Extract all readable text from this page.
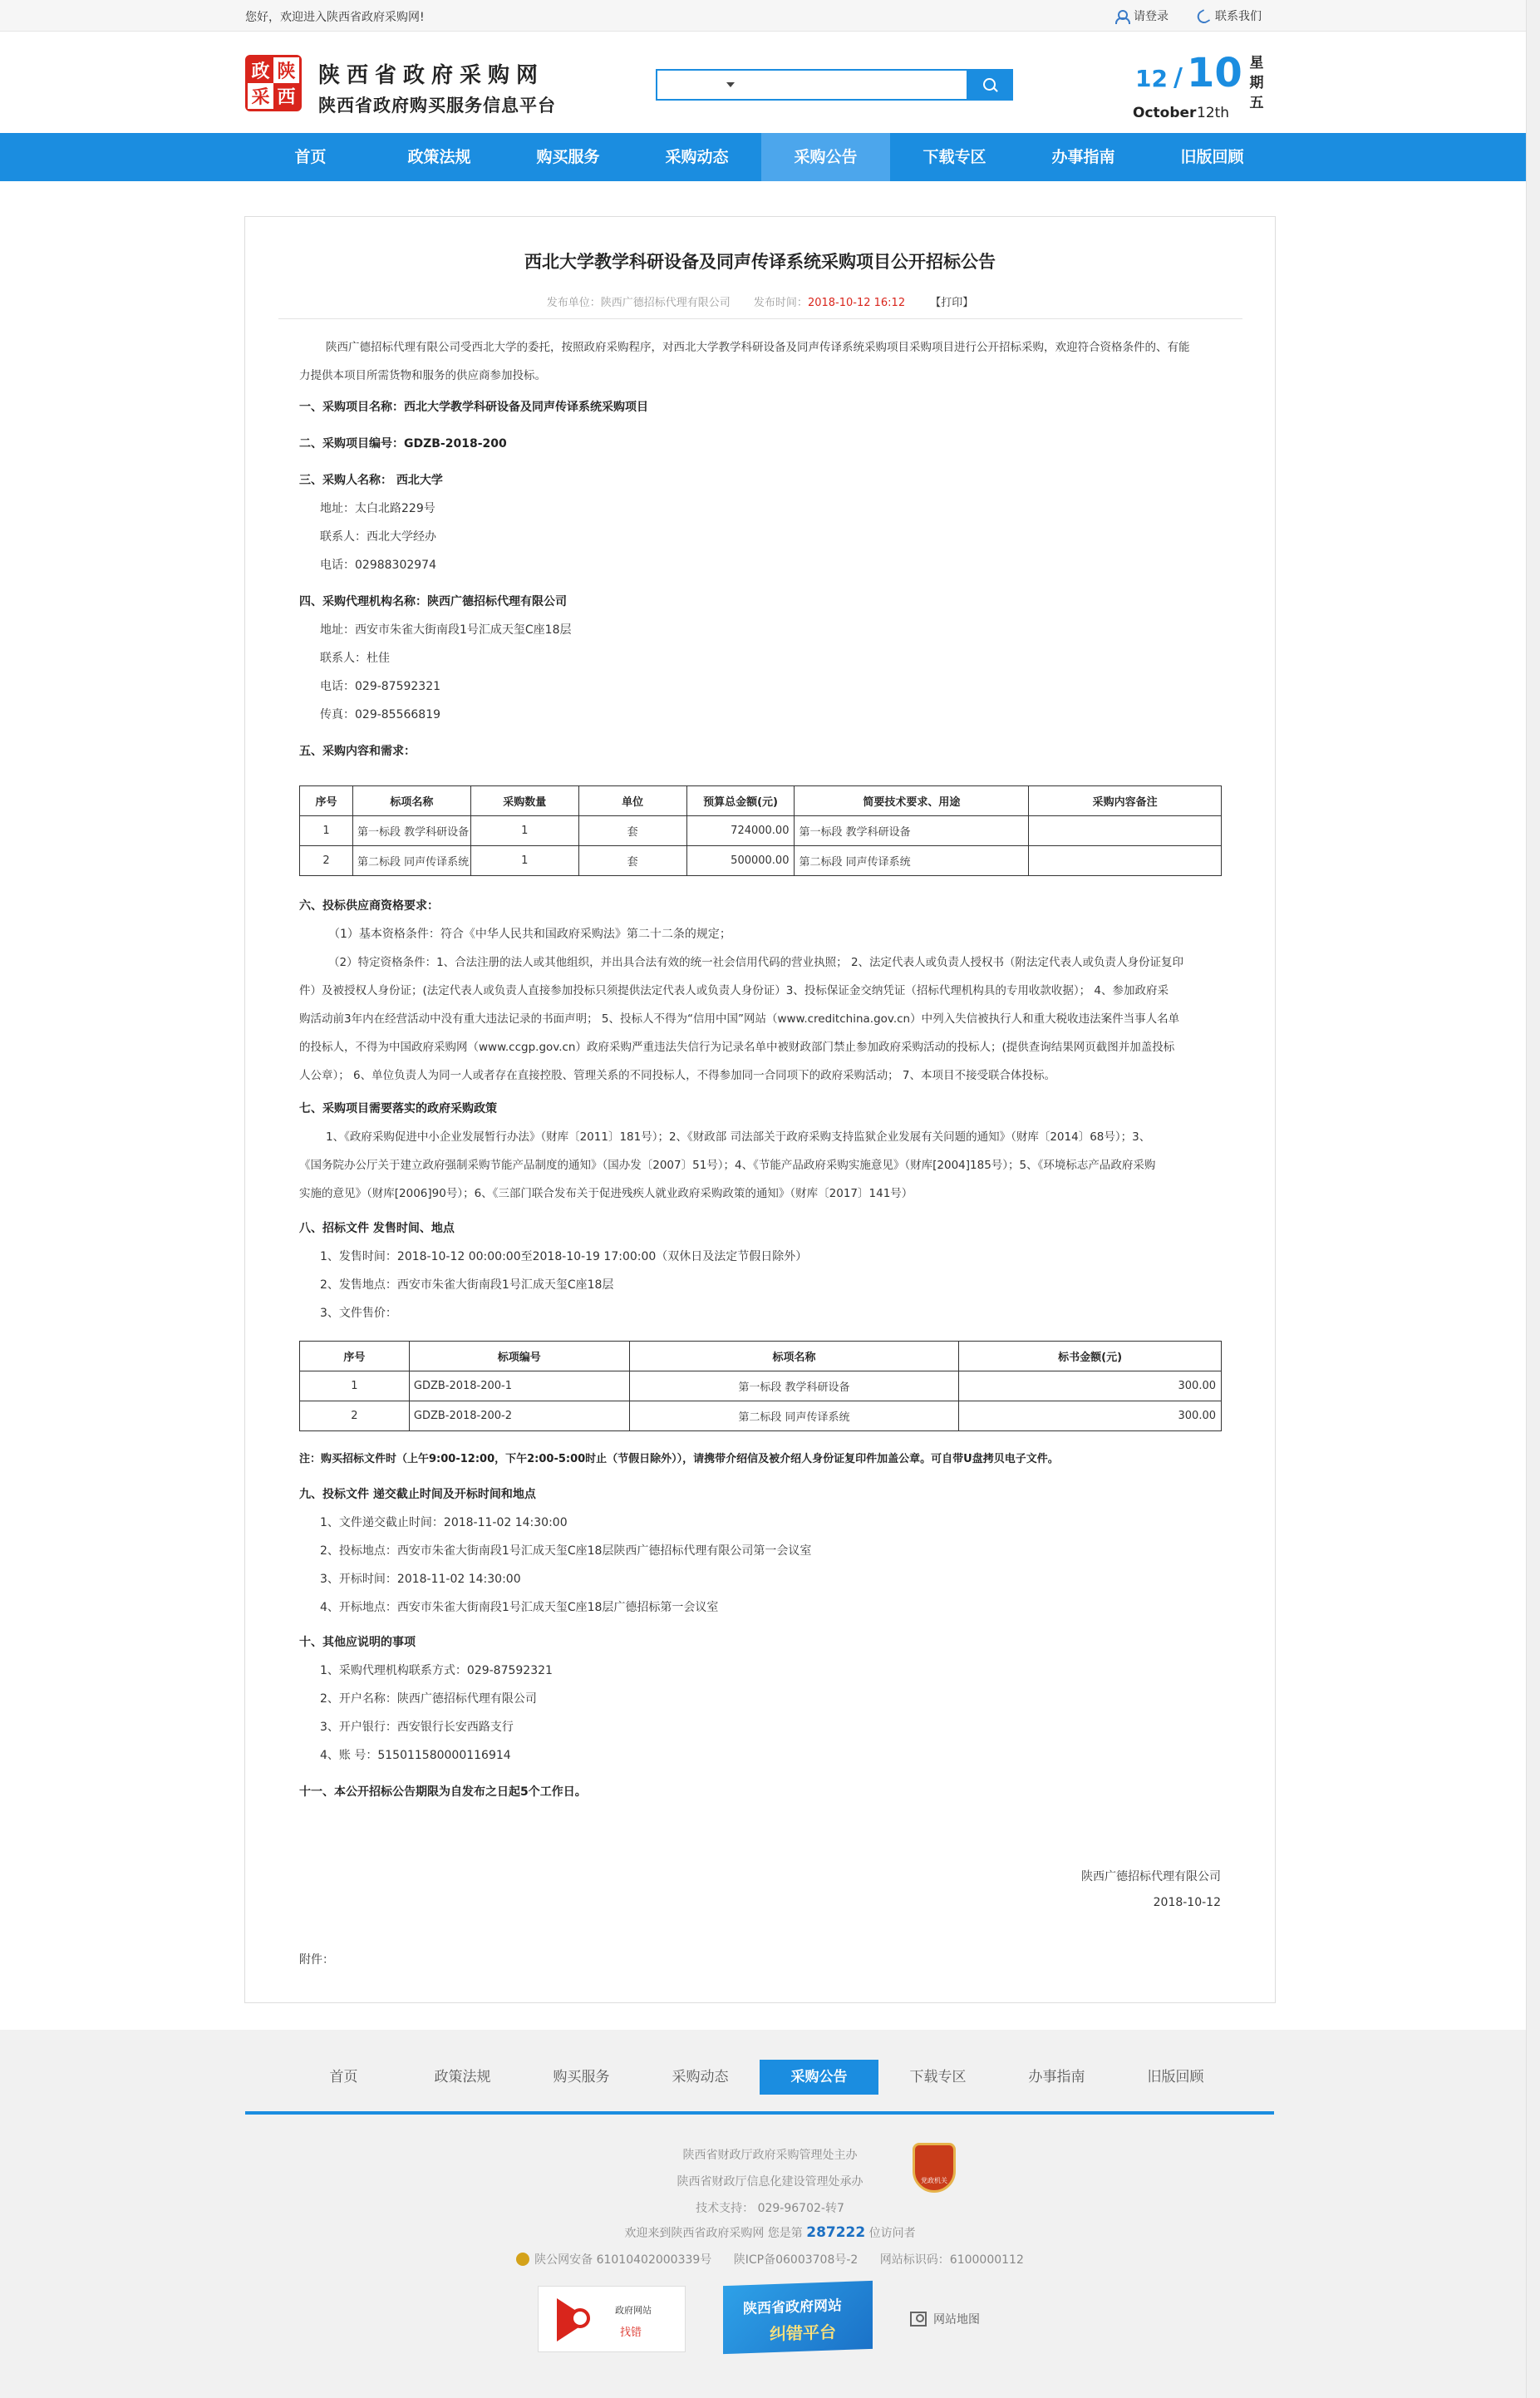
您好，欢迎进入陕西省政府采购网!	请登录	联系我们
政 陕
采 西
陕西省政府采购网
陕西省政府购买服务信息平台
12 / 10
October 12th
星
期
五
首页	政策法规	购买服务	采购动态	采购公告	下载专区	办事指南	旧版回顾
西北大学教学科研设备及同声传译系统采购项目公开招标公告
发布单位：陕西广德招标代理有限公司 发布时间：2018-10-12 16:12 【打印】
陕西广德招标代理有限公司受西北大学的委托，按照政府采购程序，对西北大学教学科研设备及同声传译系统采购项目采购项目进行公开招标采购，欢迎符合资格条件的、有能
力提供本项目所需货物和服务的供应商参加投标。
一、采购项目名称：西北大学教学科研设备及同声传译系统采购项目
二、采购项目编号：GDZB-2018-200
三、采购人名称： 西北大学
地址：太白北路229号
联系人：西北大学经办
电话：02988302974
四、采购代理机构名称：陕西广德招标代理有限公司
地址：西安市朱雀大街南段1号汇成天玺C座18层
联系人：杜佳
电话：029-87592321
传真：029-85566819
五、采购内容和需求：
序号	标项名称	采购数量	单位	预算总金额(元)	简要技术要求、用途	采购内容备注
1	第一标段 教学科研设备	1	套	724000.00	第一标段 教学科研设备	
2	第二标段 同声传译系统	1	套	500000.00	第二标段 同声传译系统	
六、投标供应商资格要求：
（1）基本资格条件：符合《中华人民共和国政府采购法》第二十二条的规定；
（2）特定资格条件：1、合法注册的法人或其他组织，并出具合法有效的统一社会信用代码的营业执照； 2、法定代表人或负责人授权书（附法定代表人或负责人身份证复印
件）及被授权人身份证；(法定代表人或负责人直接参加投标只须提供法定代表人或负责人身份证）3、投标保证金交纳凭证（招标代理机构具的专用收款收据）； 4、参加政府采
购活动前3年内在经营活动中没有重大违法记录的书面声明； 5、投标人不得为“信用中国”网站（www.creditchina.gov.cn）中列入失信被执行人和重大税收违法案件当事人名单
的投标人，不得为中国政府采购网（www.ccgp.gov.cn）政府采购严重违法失信行为记录名单中被财政部门禁止参加政府采购活动的投标人；(提供查询结果网页截图并加盖投标
人公章）； 6、单位负责人为同一人或者存在直接控股、管理关系的不同投标人，不得参加同一合同项下的政府采购活动； 7、本项目不接受联合体投标。
七、采购项目需要落实的政府采购政策
1、《政府采购促进中小企业发展暂行办法》（财库〔2011〕181号）；2、《财政部 司法部关于政府采购支持监狱企业发展有关问题的通知》（财库〔2014〕68号）；3、
《国务院办公厅关于建立政府强制采购节能产品制度的通知》（国办发〔2007〕51号）；4、《节能产品政府采购实施意见》（财库[2004]185号）；5、《环境标志产品政府采购
实施的意见》（财库[2006]90号）；6、《三部门联合发布关于促进残疾人就业政府采购政策的通知》（财库〔2017〕141号）
八、招标文件 发售时间、地点
1、发售时间：2018-10-12 00:00:00至2018-10-19 17:00:00（双休日及法定节假日除外）
2、发售地点：西安市朱雀大街南段1号汇成天玺C座18层
3、文件售价：
序号	标项编号	标项名称	标书金额(元)
1	GDZB-2018-200-1	第一标段 教学科研设备	300.00
2	GDZB-2018-200-2	第二标段 同声传译系统	300.00
注：购买招标文件时（上午9:00-12:00，下午2:00-5:00时止（节假日除外）），请携带介绍信及被介绍人身份证复印件加盖公章。可自带U盘拷贝电子文件。
九、投标文件 递交截止时间及开标时间和地点
1、文件递交截止时间：2018-11-02 14:30:00
2、投标地点：西安市朱雀大街南段1号汇成天玺C座18层陕西广德招标代理有限公司第一会议室
3、开标时间：2018-11-02 14:30:00
4、开标地点：西安市朱雀大街南段1号汇成天玺C座18层广德招标第一会议室
十、其他应说明的事项
1、采购代理机构联系方式：029-87592321
2、开户名称：陕西广德招标代理有限公司
3、开户银行：西安银行长安西路支行
4、账 号：515011580000116914
十一、本公开招标公告期限为自发布之日起5个工作日。
陕西广德招标代理有限公司
2018-10-12
附件：
首页	政策法规	购买服务	采购动态	采购公告	下载专区	办事指南	旧版回顾
陕西省财政厅政府采购管理处主办
陕西省财政厅信息化建设管理处承办
技术支持： 029-96702-转7
欢迎来到陕西省政府采购网 您是第 287222 位访问者
陕公网安备 61010402000339号 陕ICP备06003708号-2 网站标识码：6100000112
党政机关
政府网站
找错
陕西省政府网站
纠错平台
网站地图
